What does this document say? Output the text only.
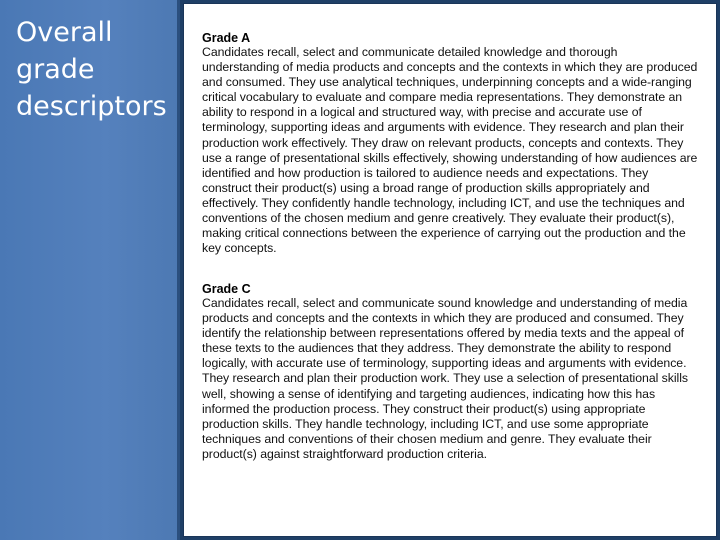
Overall grade descriptors

Grade A

Candidates recall, select and communicate detailed knowledge and thorough understanding of media products and concepts and the contexts in which they are produced and consumed. They use analytical techniques, underpinning concepts and a wide-ranging critical vocabulary to evaluate and compare media representations. They demonstrate an ability to respond in a logical and structured way, with precise and accurate use of terminology, supporting ideas and arguments with evidence. They research and plan their production work effectively. They draw on relevant products, concepts and contexts. They use a range of presentational skills effectively, showing understanding of how audiences are identified and how production is tailored to audience needs and expectations. They construct their product(s) using a broad range of production skills appropriately and effectively. They confidently handle technology, including ICT, and use the techniques and conventions of the chosen medium and genre creatively. They evaluate their product(s), making critical connections between the experience of carrying out the production and the key concepts.

Grade C

Candidates recall, select and communicate sound knowledge and understanding of media products and concepts and the contexts in which they are produced and consumed. They identify the relationship between representations offered by media texts and the appeal of these texts to the audiences that they address. They demonstrate the ability to respond logically, with accurate use of terminology, supporting ideas and arguments with evidence. They research and plan their production work. They use a selection of presentational skills well, showing a sense of identifying and targeting audiences, indicating how this has informed the production process. They construct their product(s) using appropriate production skills. They handle technology, including ICT, and use some appropriate techniques and conventions of their chosen medium and genre. They evaluate their product(s) against straightforward production criteria.
